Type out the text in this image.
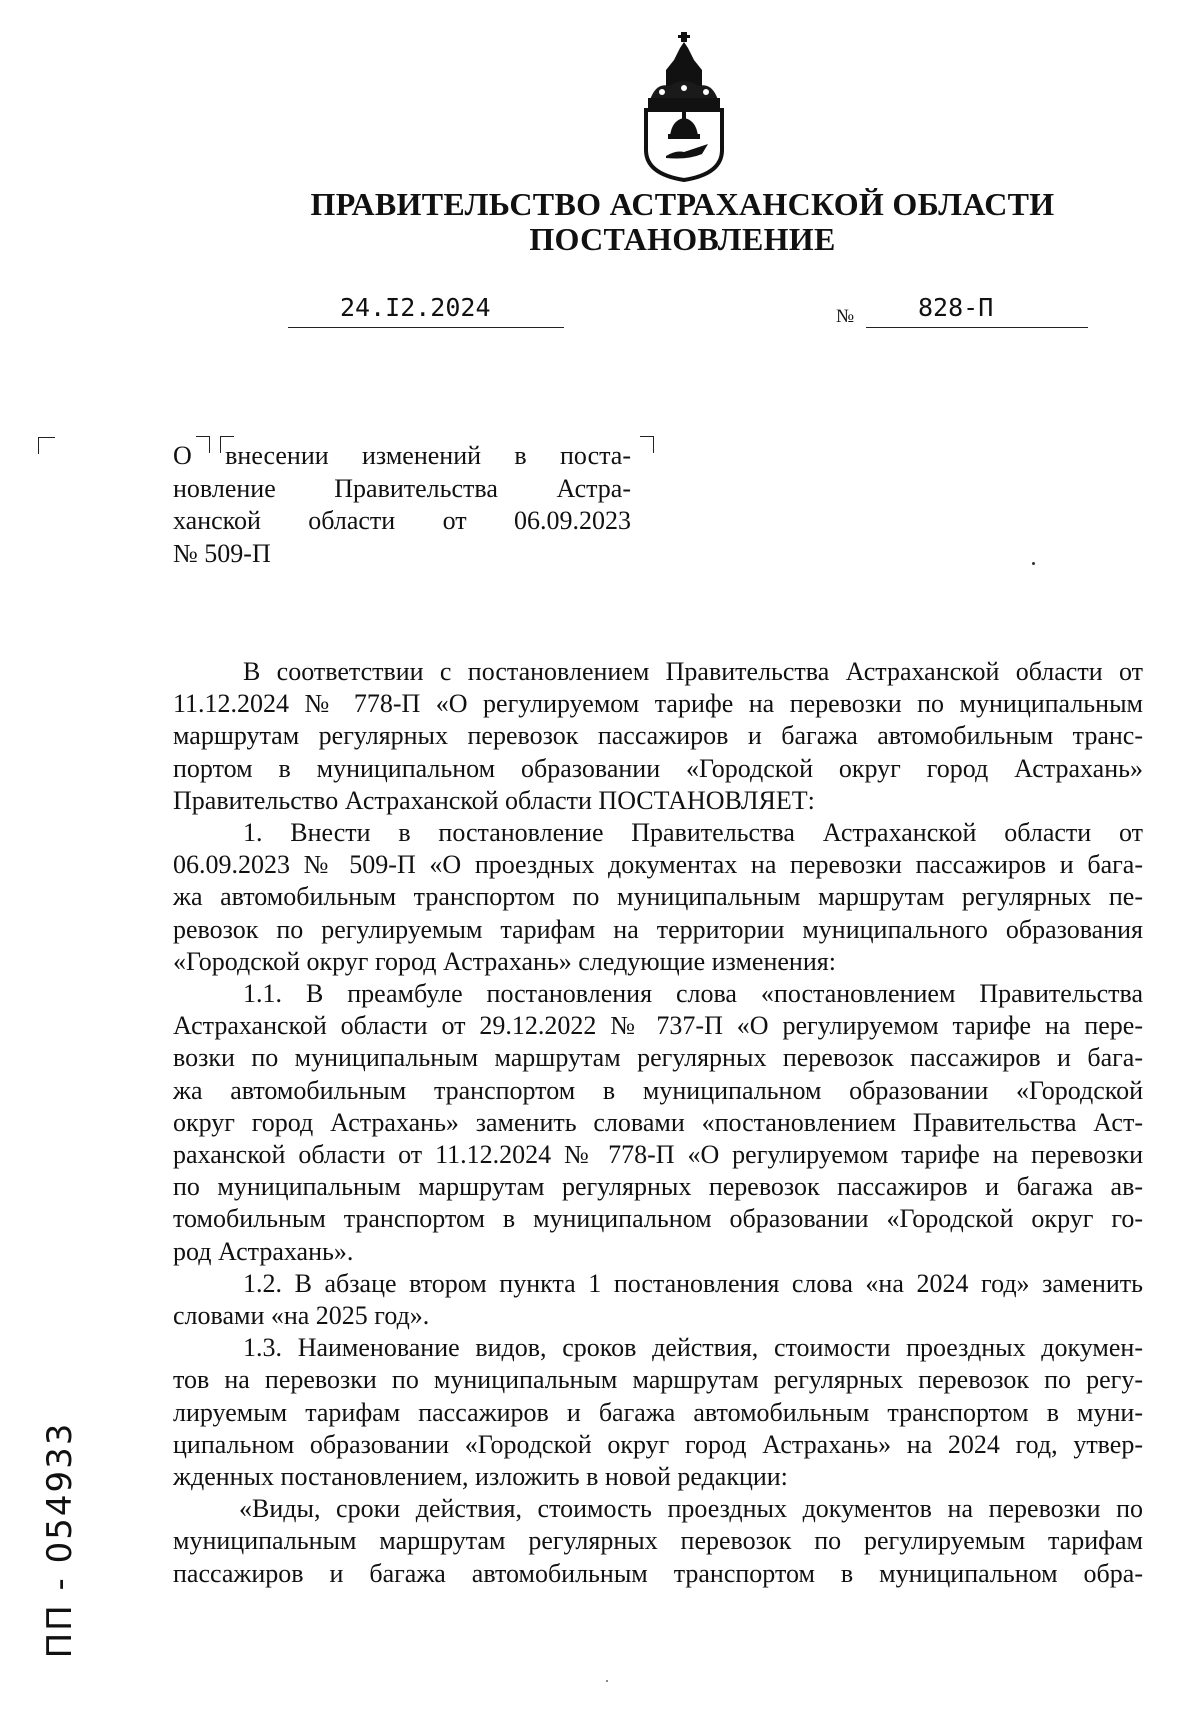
ПРАВИТЕЛЬСТВО АСТРАХАНСКОЙ ОБЛАСТИ
ПОСТАНОВЛЕНИЕ
24.I2.2024	№	828-П
О внесении изменений в поста-
новление Правительства Астра-
ханской области от 06.09.2023
№ 509-П
В соответствии с постановлением Правительства Астраханской области от
11.12.2024 № 778-П «О регулируемом тарифе на перевозки по муниципальным
маршрутам регулярных перевозок пассажиров и багажа автомобильным транс-
портом в муниципальном образовании «Городской округ город Астрахань»
Правительство Астраханской области ПОСТАНОВЛЯЕТ:
1. Внести в постановление Правительства Астраханской области от
06.09.2023 № 509-П «О проездных документах на перевозки пассажиров и бага-
жа автомобильным транспортом по муниципальным маршрутам регулярных пе-
ревозок по регулируемым тарифам на территории муниципального образования
«Городской округ город Астрахань» следующие изменения:
1.1. В преамбуле постановления слова «постановлением Правительства
Астраханской области от 29.12.2022 № 737-П «О регулируемом тарифе на пере-
возки по муниципальным маршрутам регулярных перевозок пассажиров и бага-
жа автомобильным транспортом в муниципальном образовании «Городской
округ город Астрахань» заменить словами «постановлением Правительства Аст-
раханской области от 11.12.2024 № 778-П «О регулируемом тарифе на перевозки
по муниципальным маршрутам регулярных перевозок пассажиров и багажа ав-
томобильным транспортом в муниципальном образовании «Городской округ го-
род Астрахань».
1.2. В абзаце втором пункта 1 постановления слова «на 2024 год» заменить
словами «на 2025 год».
1.3. Наименование видов, сроков действия, стоимости проездных докумен-
тов на перевозки по муниципальным маршрутам регулярных перевозок по регу-
лируемым тарифам пассажиров и багажа автомобильным транспортом в муни-
ципальном образовании «Городской округ город Астрахань» на 2024 год, утвер-
жденных постановлением, изложить в новой редакции:
«Виды, сроки действия, стоимость проездных документов на перевозки по
муниципальным маршрутам регулярных перевозок по регулируемым тарифам
пассажиров и багажа автомобильным транспортом в муниципальном обра-
ПП - 054933
